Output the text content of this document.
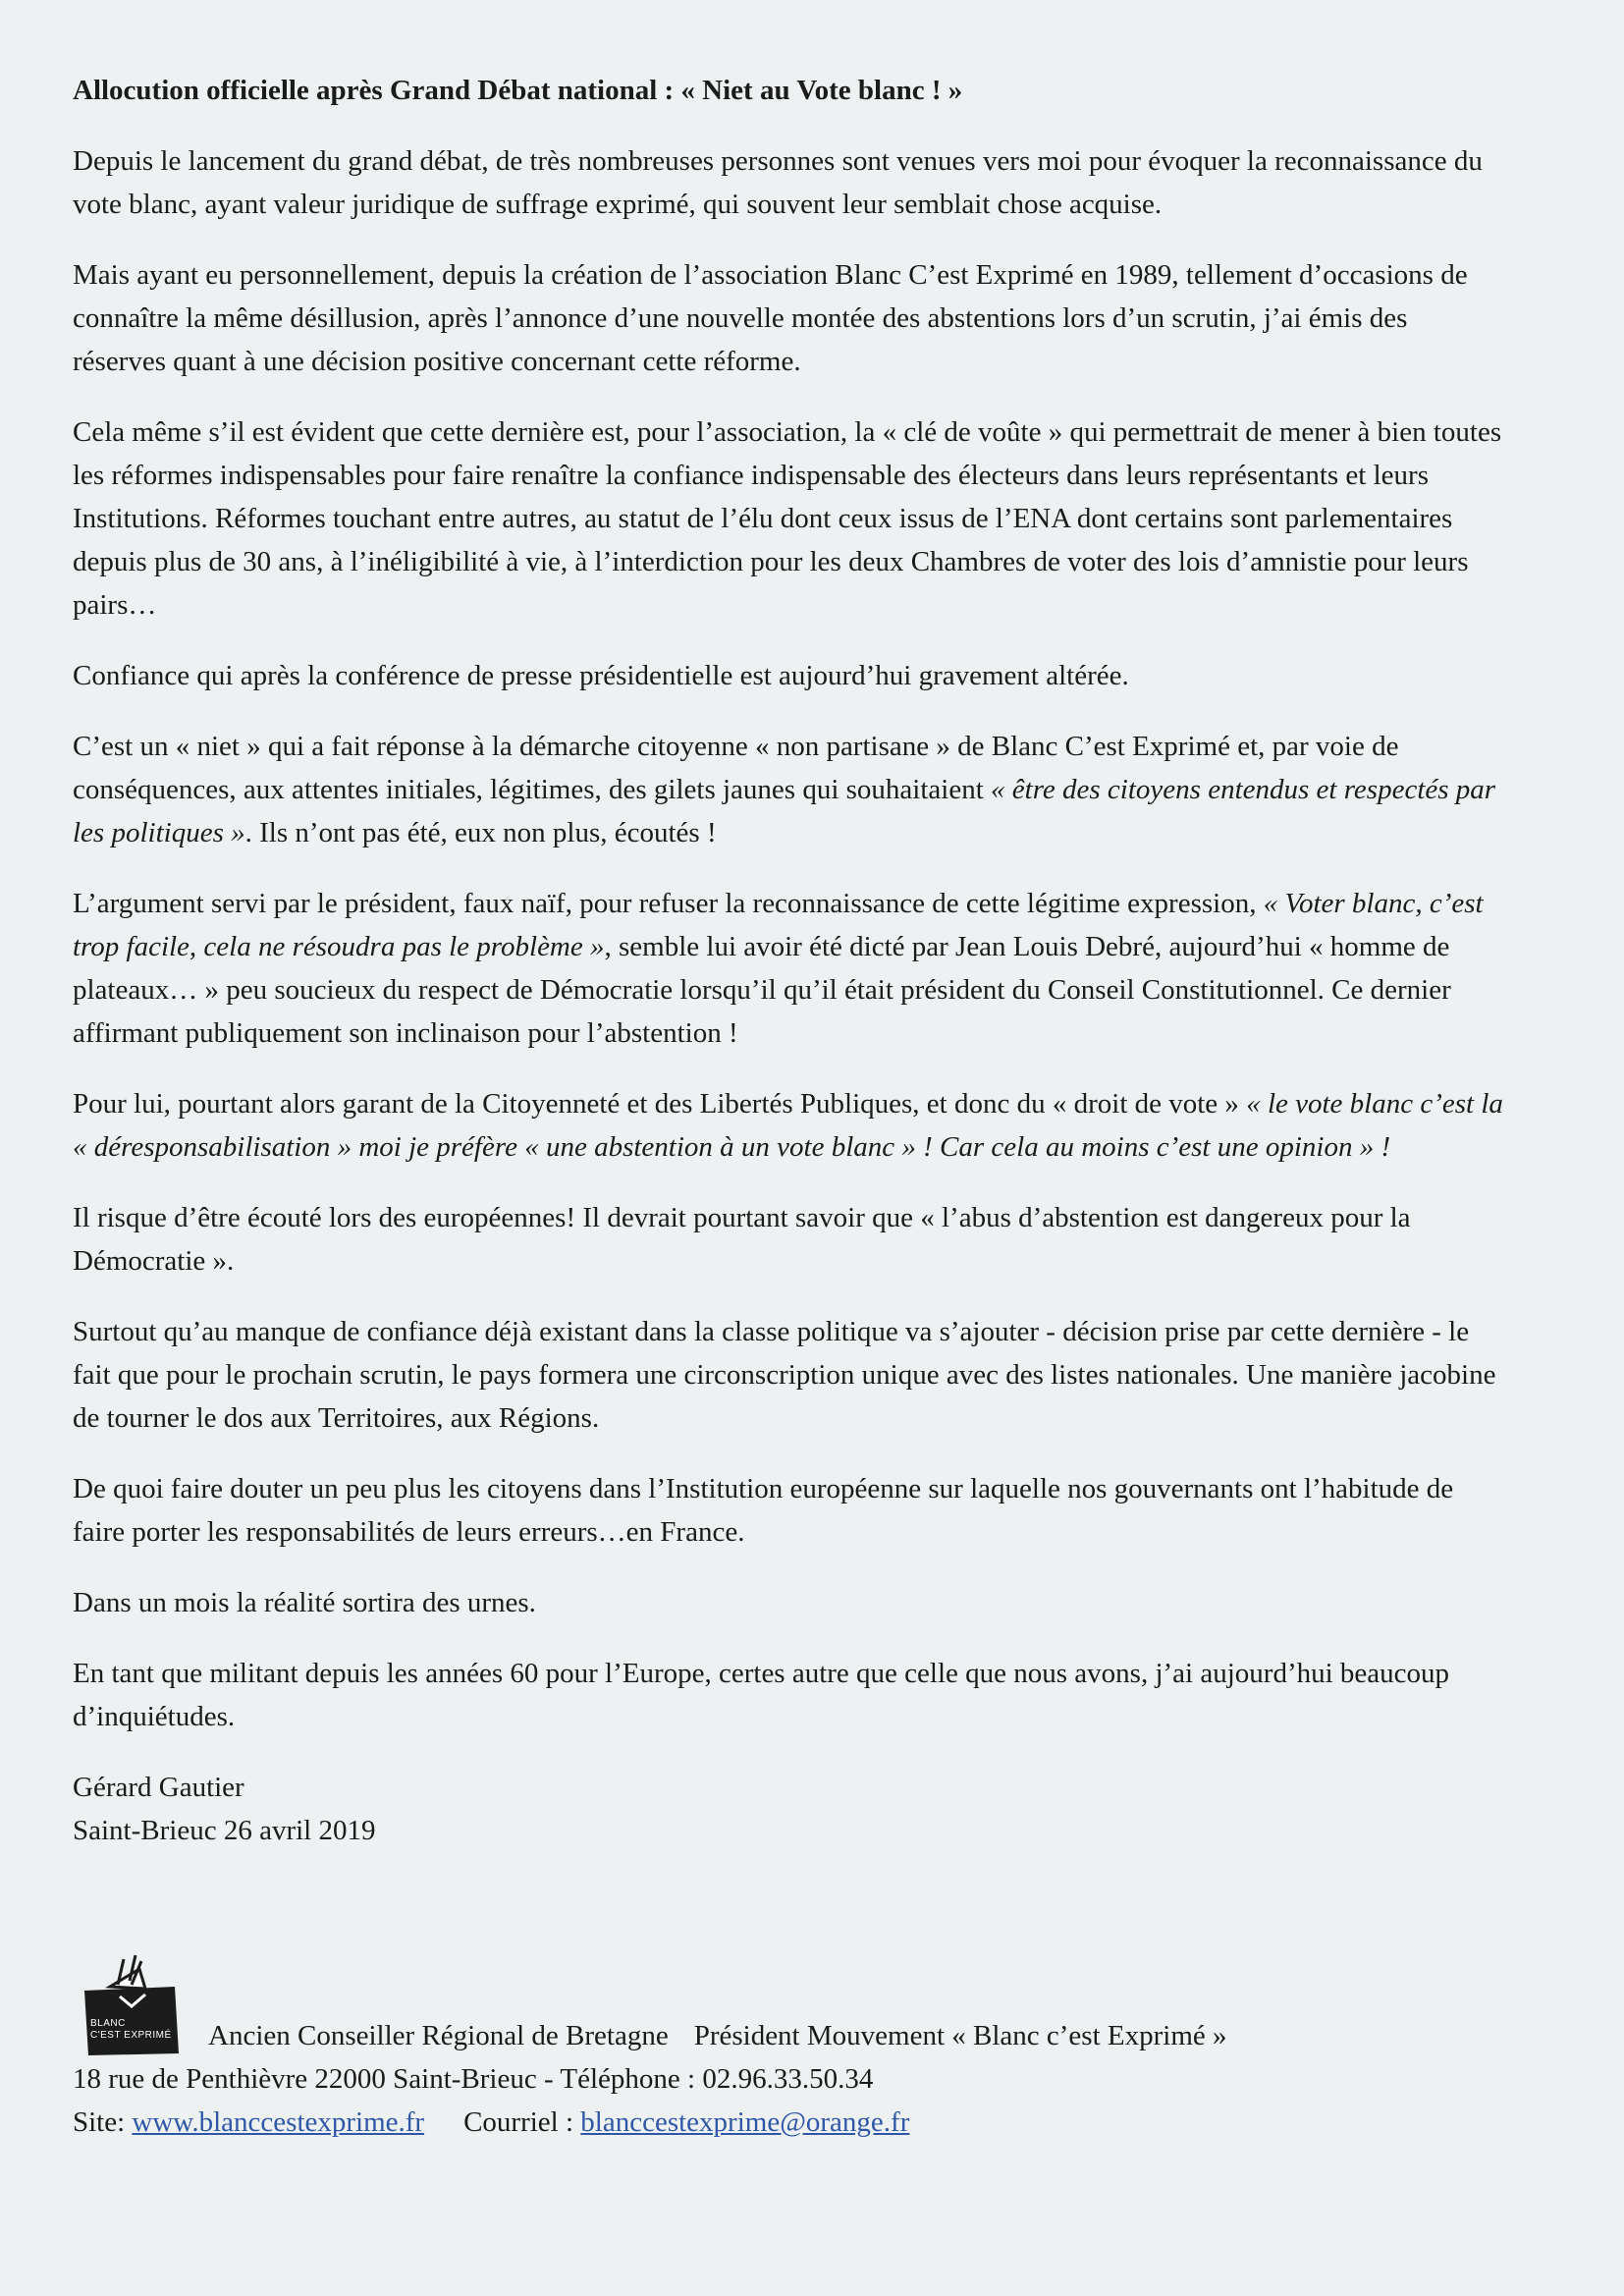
Allocution officielle après Grand Débat national : « Niet au Vote blanc ! »

Depuis le lancement du grand débat, de très nombreuses personnes sont venues vers moi pour évoquer la reconnaissance du vote blanc, ayant valeur juridique de suffrage exprimé, qui souvent leur semblait chose acquise.

Mais ayant eu personnellement, depuis la création de l’association Blanc C’est Exprimé en 1989, tellement d’occasions de connaître la même désillusion, après l’annonce d’une nouvelle montée des abstentions lors d’un scrutin, j’ai émis des réserves quant à une décision positive concernant cette réforme.

Cela même s’il est évident que cette dernière est, pour l’association, la « clé de voûte » qui permettrait de mener à bien toutes les réformes indispensables pour faire renaître la confiance indispensable des électeurs dans leurs représentants et leurs Institutions. Réformes touchant entre autres, au statut de l’élu dont ceux issus de l’ENA dont certains sont parlementaires depuis plus de 30 ans, à l’inéligibilité à vie, à l’interdiction pour les deux Chambres de voter des lois d’amnistie pour leurs pairs…

Confiance qui après la conférence de presse présidentielle est aujourd’hui gravement altérée.

C’est un « niet » qui a fait réponse à la démarche citoyenne « non partisane » de Blanc C’est Exprimé et, par voie de conséquences, aux attentes initiales, légitimes, des gilets jaunes qui souhaitaient « être des citoyens entendus et respectés par les politiques ». Ils n’ont pas été, eux non plus, écoutés !

L’argument servi par le président, faux naïf, pour refuser la reconnaissance de cette légitime expression, « Voter blanc, c’est trop facile, cela ne résoudra pas le problème », semble lui avoir été dicté par Jean Louis Debré, aujourd’hui « homme de plateaux… » peu soucieux du respect de Démocratie lorsqu’il qu’il était président du Conseil Constitutionnel. Ce dernier affirmant publiquement son inclinaison pour l’abstention !

Pour lui, pourtant alors garant de la Citoyenneté et des Libertés Publiques, et donc du « droit de vote » « le vote blanc c’est la « déresponsabilisation » moi je préfère « une abstention à un vote blanc » ! Car cela au moins c’est une opinion » !

Il risque d’être écouté lors des européennes! Il devrait pourtant savoir que « l’abus d’abstention est dangereux pour la Démocratie ».

Surtout qu’au manque de confiance déjà existant dans la classe politique va s’ajouter - décision prise par cette dernière - le fait que pour le prochain scrutin, le pays formera une circonscription unique avec des listes nationales. Une manière jacobine de tourner le dos aux Territoires, aux Régions.

De quoi faire douter un peu plus les citoyens dans l’Institution européenne sur laquelle nos gouvernants ont l’habitude de faire porter les responsabilités de leurs erreurs…en France.

Dans un mois la réalité sortira des urnes.

En tant que militant depuis les années 60 pour l’Europe, certes autre que celle que nous avons, j’ai aujourd’hui beaucoup d’inquiétudes.

Gérard Gautier

Saint-Brieuc 26 avril 2019

BLANC
C'EST EXPRIMÉ Ancien Conseiller Régional de Bretagne Président Mouvement « Blanc c’est Exprimé »

18 rue de Penthièvre 22000 Saint-Brieuc - Téléphone : 02.96.33.50.34

Site: www.blanccestexprime.fr Courriel : blanccestexprime@orange.fr
